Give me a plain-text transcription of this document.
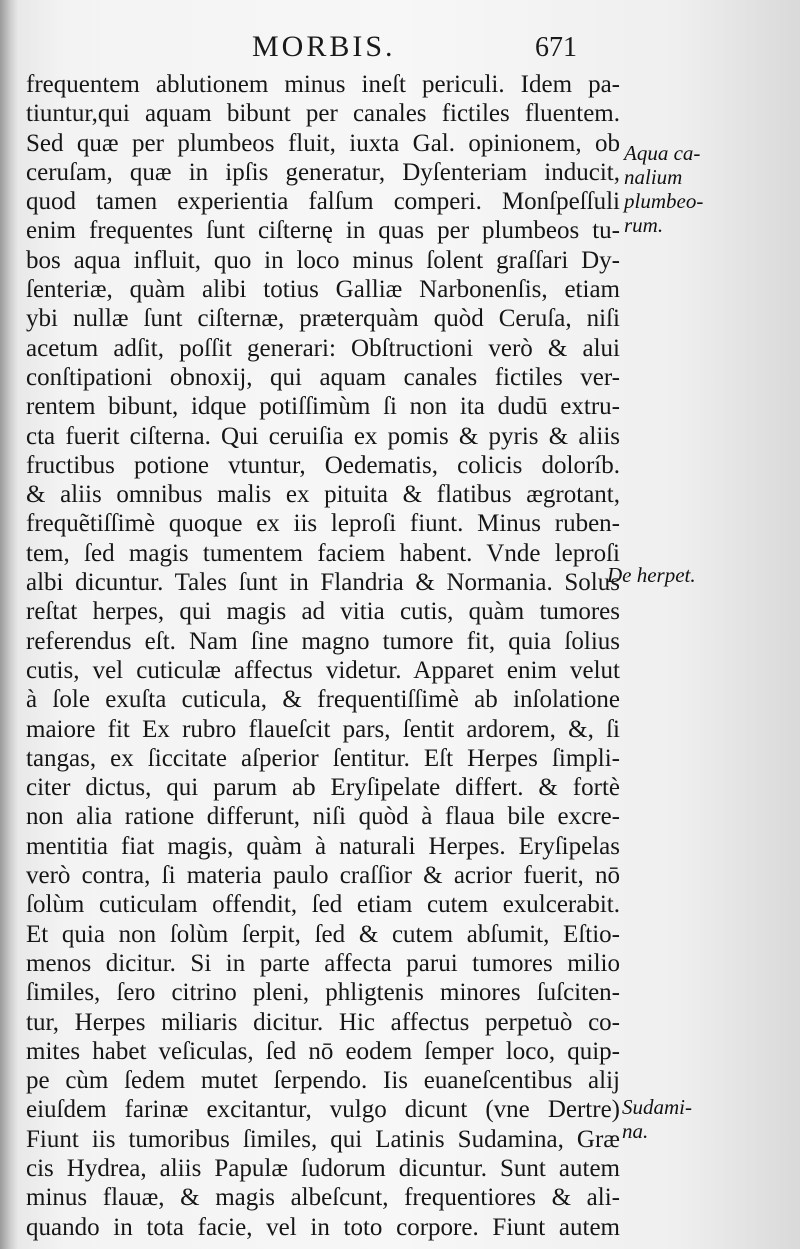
MORBIS.	671
frequentem ablutionem minus ineſt periculi. Idem pa-
tiuntur,qui aquam bibunt per canales fictiles fluentem.
Sed quæ per plumbeos fluit, iuxta Gal. opinionem, ob
ceruſam, quæ in ipſis generatur, Dyſenteriam inducit,
quod tamen experientia falſum comperi. Monſpeſſuli
enim frequentes ſunt ciſternę in quas per plumbeos tu-
bos aqua influit, quo in loco minus ſolent graſſari Dy-
ſenteriæ, quàm alibi totius Galliæ Narbonenſis, etiam
ybi nullæ ſunt ciſternæ, præterquàm quòd Ceruſa, niſi
acetum adſit, poſſit generari: Obſtructioni verò & alui
conſtipationi obnoxij, qui aquam canales fictiles ver-
rentem bibunt, idque potiſſimùm ſi non ita dudū extru-
cta fuerit ciſterna. Qui ceruiſia ex pomis & pyris & aliis
fructibus potione vtuntur, Oedematis, colicis doloríb.
& aliis omnibus malis ex pituita & flatibus ægrotant,
frequẽtiſſimè quoque ex iis leproſi fiunt. Minus ruben-
tem, ſed magis tumentem faciem habent. Vnde leproſi
albi dicuntur. Tales ſunt in Flandria & Normania. Solus
reſtat herpes, qui magis ad vitia cutis, quàm tumores
referendus eſt. Nam ſine magno tumore fit, quia ſolius
cutis, vel cuticulæ affectus videtur. Apparet enim velut
à ſole exuſta cuticula, & frequentiſſimè ab inſolatione
maiore fit Ex rubro flaueſcit pars, ſentit ardorem, &, ſi
tangas, ex ſiccitate aſperior ſentitur. Eſt Herpes ſimpli-
citer dictus, qui parum ab Eryſipelate differt. & fortè
non alia ratione differunt, niſi quòd à flaua bile excre-
mentitia fiat magis, quàm à naturali Herpes. Eryſipelas
verò contra, ſi materia paulo craſſior & acrior fuerit, nō
ſolùm cuticulam offendit, ſed etiam cutem exulcerabit.
Et quia non ſolùm ſerpit, ſed & cutem abſumit, Eſtio-
menos dicitur. Si in parte affecta parui tumores milio
ſimiles, ſero citrino pleni, phligtenis minores ſuſciten-
tur, Herpes miliaris dicitur. Hic affectus perpetuò co-
mites habet veſiculas, ſed nō eodem ſemper loco, quip-
pe cùm ſedem mutet ſerpendo. Iis euaneſcentibus alij
eiuſdem farinæ excitantur, vulgo dicunt (vne Dertre)
Fiunt iis tumoribus ſimiles, qui Latinis Sudamina, Græ
cis Hydrea, aliis Papulæ ſudorum dicuntur. Sunt autem
minus flauæ, & magis albeſcunt, frequentiores & ali-
quando in tota facie, vel in toto corpore. Fiunt autem
Aqua ca-
nalium
plumbeo-
rum.
De herpet.
Sudami-
na.
